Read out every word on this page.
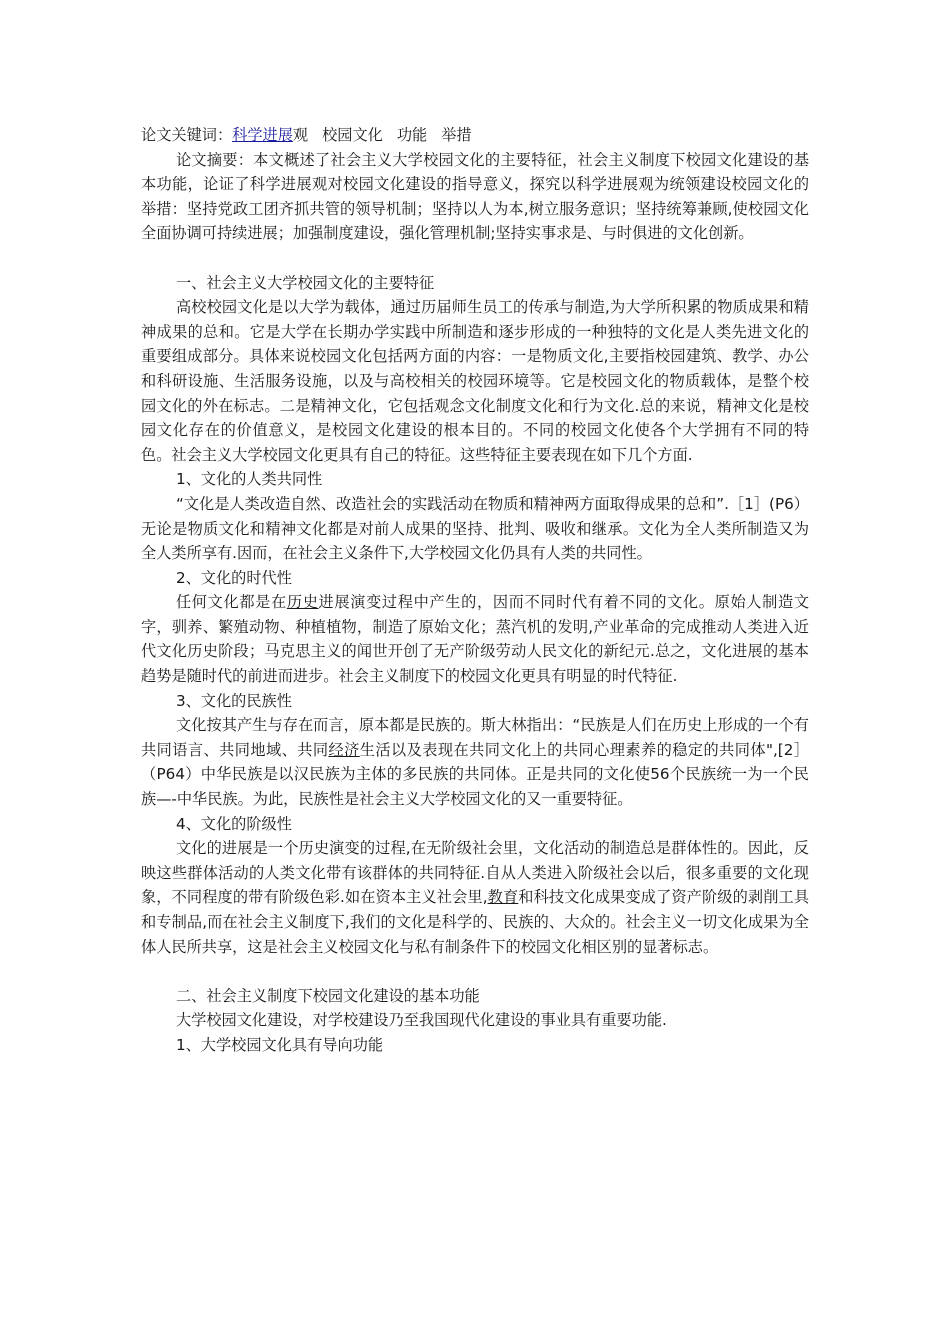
论文关键词：科学进展观 校园文化 功能 举措

论文摘要：本文概述了社会主义大学校园文化的主要特征，社会主义制度下校园文化建设的基本功能，论证了科学进展观对校园文化建设的指导意义，探究以科学进展观为统领建设校园文化的举措：坚持党政工团齐抓共管的领导机制；坚持以人为本,树立服务意识；坚持统筹兼顾,使校园文化全面协调可持续进展；加强制度建设，强化管理机制;坚持实事求是、与时俱进的文化创新。

一、社会主义大学校园文化的主要特征

高校校园文化是以大学为载体，通过历届师生员工的传承与制造,为大学所积累的物质成果和精神成果的总和。它是大学在长期办学实践中所制造和逐步形成的一种独特的文化是人类先进文化的重要组成部分。具体来说校园文化包括两方面的内容：一是物质文化,主要指校园建筑、教学、办公和科研设施、生活服务设施，以及与高校相关的校园环境等。它是校园文化的物质载体，是整个校园文化的外在标志。二是精神文化，它包括观念文化制度文化和行为文化.总的来说，精神文化是校园文化存在的价值意义，是校园文化建设的根本目的。不同的校园文化使各个大学拥有不同的特色。社会主义大学校园文化更具有自己的特征。这些特征主要表现在如下几个方面.

1、文化的人类共同性

“文化是人类改造自然、改造社会的实践活动在物质和精神两方面取得成果的总和”.［1］(P6）无论是物质文化和精神文化都是对前人成果的坚持、批判、吸收和继承。文化为全人类所制造又为全人类所享有.因而，在社会主义条件下,大学校园文化仍具有人类的共同性。

2、文化的时代性

任何文化都是在历史进展演变过程中产生的，因而不同时代有着不同的文化。原始人制造文字，驯养、繁殖动物、种植植物，制造了原始文化；蒸汽机的发明,产业革命的完成推动人类进入近代文化历史阶段；马克思主义的闻世开创了无产阶级劳动人民文化的新纪元.总之，文化进展的基本趋势是随时代的前进而进步。社会主义制度下的校园文化更具有明显的时代特征.

3、文化的民族性

文化按其产生与存在而言，原本都是民族的。斯大林指出：“民族是人们在历史上形成的一个有共同语言、共同地域、共同经济生活以及表现在共同文化上的共同心理素养的稳定的共同体",[2］（P64）中华民族是以汉民族为主体的多民族的共同体。正是共同的文化使56个民族统一为一个民族—-中华民族。为此，民族性是社会主义大学校园文化的又一重要特征。

4、文化的阶级性

文化的进展是一个历史演变的过程,在无阶级社会里，文化活动的制造总是群体性的。因此，反映这些群体活动的人类文化带有该群体的共同特征.自从人类进入阶级社会以后，很多重要的文化现象，不同程度的带有阶级色彩.如在资本主义社会里,教育和科技文化成果变成了资产阶级的剥削工具和专制品,而在社会主义制度下,我们的文化是科学的、民族的、大众的。社会主义一切文化成果为全体人民所共享，这是社会主义校园文化与私有制条件下的校园文化相区别的显著标志。

二、社会主义制度下校园文化建设的基本功能

大学校园文化建设，对学校建设乃至我国现代化建设的事业具有重要功能.

1、大学校园文化具有导向功能
